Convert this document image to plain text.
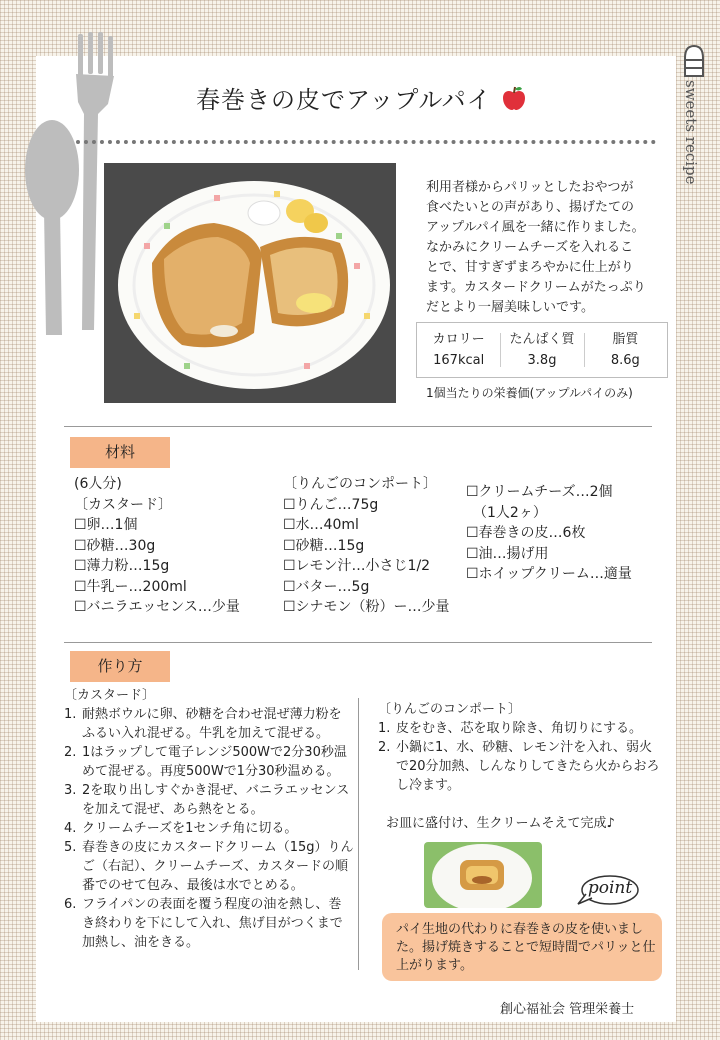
sweets recipe
春巻きの皮でアップルパイ
利用者様からパリッとしたおやつが
食べたいとの声があり、揚げたての
アップルパイ風を一緒に作りました。
なかみにクリームチーズを入れるこ
とで、甘すぎずまろやかに仕上がり
ます。カスタードクリームがたっぷり
だとより一層美味しいです。
カロリー
167kcal
たんぱく質
3.8g
脂質
8.6g
1個当たりの栄養価(アップルパイのみ)
材料
(6人分)
〔カスタード〕
☐卵…1個
☐砂糖…30g
☐薄力粉…15g
☐牛乳ー…200ml
☐バニラエッセンス…少量
〔りんごのコンポート〕
☐りんご…75g
☐水…40ml
☐砂糖…15g
☐レモン汁…小さじ1/2
☐バター…5g
☐シナモン（粉）ー…少量
☐クリームチーズ…2個
　（1人2ヶ）
☐春巻きの皮…6枚
☐油…揚げ用
☐ホイップクリーム…適量
作り方
〔カスタード〕
1. 耐熱ボウルに卵、砂糖を合わせ混ぜ薄力粉をふるい入れ混ぜる。牛乳を加えて混ぜる。
2. 1はラップして電子レンジ500Wで2分30秒温めて混ぜる。再度500Wで1分30秒温める。
3. 2を取り出しすぐかき混ぜ、バニラエッセンスを加えて混ぜ、あら熱をとる。
4. クリームチーズを1センチ角に切る。
5. 春巻きの皮にカスタードクリーム（15g）りんご（右記）、クリームチーズ、カスタードの順番でのせて包み、最後は水でとめる。
6. フライパンの表面を覆う程度の油を熱し、巻き終わりを下にして入れ、焦げ目がつくまで加熱し、油をきる。
〔りんごのコンポート〕
1. 皮をむき、芯を取り除き、角切りにする。
2. 小鍋に1、水、砂糖、レモン汁を入れ、弱火で20分加熱、しんなりしてきたら火からおろし冷ます。
お皿に盛付け、生クリームそえて完成♪
point
パイ生地の代わりに春巻きの皮を使いました。揚げ焼きすることで短時間でパリッと仕上がります。
創心福祉会 管理栄養士
